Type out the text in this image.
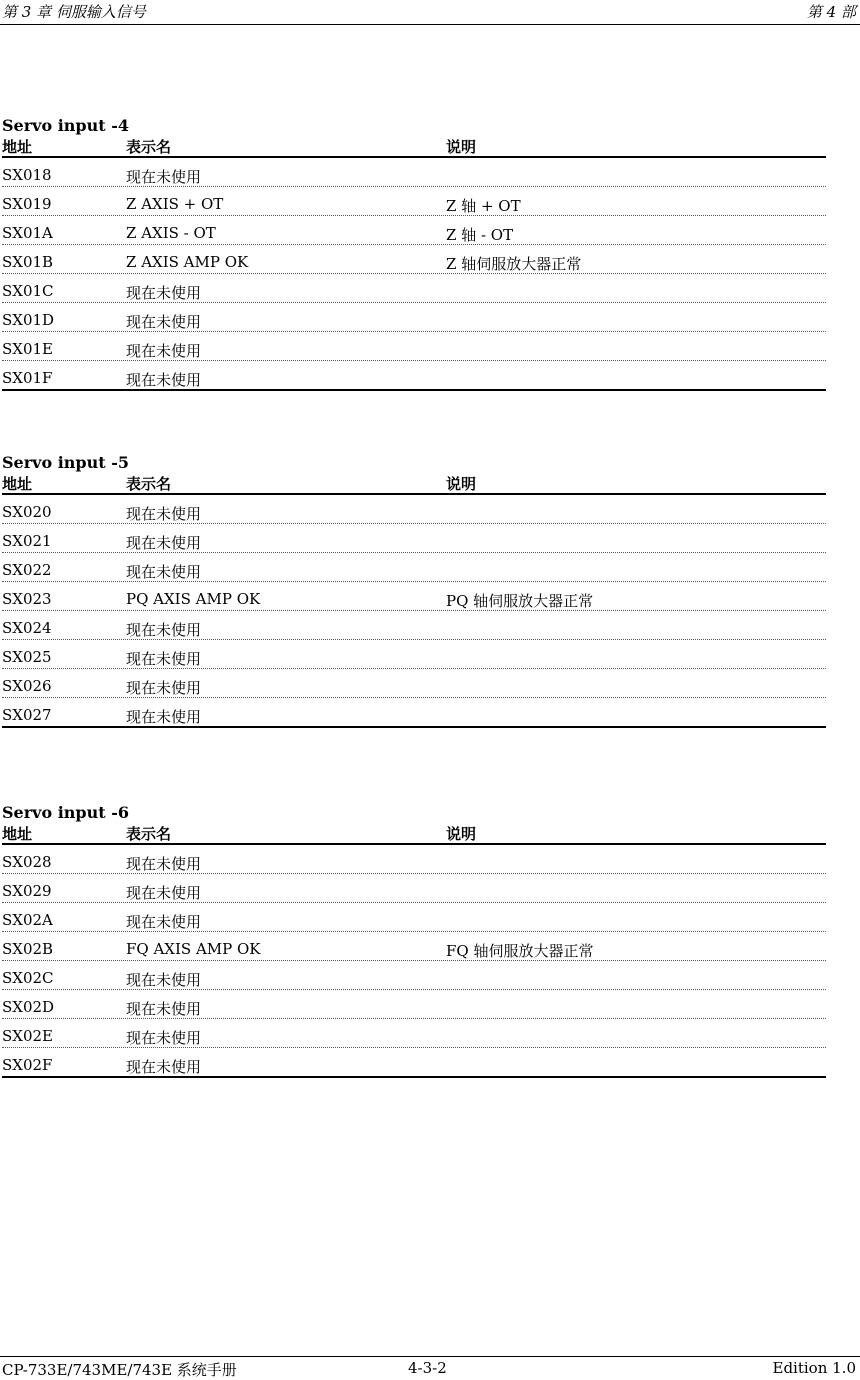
第 3 章 伺服输入信号	第 4 部
Servo input -4
地址	表示名	说明
SX018	现在未使用
SX019	Z AXIS + OT	Z 轴 + OT
SX01A	Z AXIS - OT	Z 轴 - OT
SX01B	Z AXIS AMP OK	Z 轴伺服放大器正常
SX01C	现在未使用
SX01D	现在未使用
SX01E	现在未使用
SX01F	现在未使用
Servo input -5
地址	表示名	说明
SX020	现在未使用
SX021	现在未使用
SX022	现在未使用
SX023	PQ AXIS AMP OK	PQ 轴伺服放大器正常
SX024	现在未使用
SX025	现在未使用
SX026	现在未使用
SX027	现在未使用
Servo input -6
地址	表示名	说明
SX028	现在未使用
SX029	现在未使用
SX02A	现在未使用
SX02B	FQ AXIS AMP OK	FQ 轴伺服放大器正常
SX02C	现在未使用
SX02D	现在未使用
SX02E	现在未使用
SX02F	现在未使用
CP-733E/743ME/743E 系统手册	4-3-2	Edition 1.0
